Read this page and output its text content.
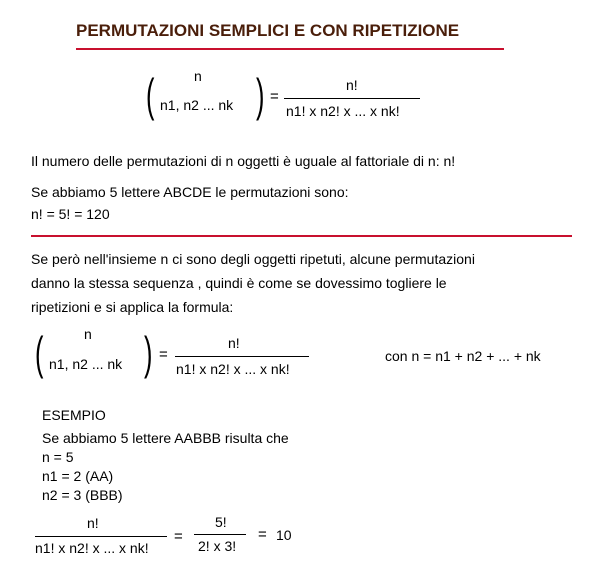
PERMUTAZIONI SEMPLICI E CON RIPETIZIONE
(	n
n1, n2 ... nk ) =
n!
n1! x n2! x ... x nk!
Il numero delle permutazioni di n oggetti è uguale al fattoriale di n: n!
Se abbiamo 5 lettere ABCDE le permutazioni sono:
n! = 5! = 120
Se però nell'insieme n ci sono degli oggetti ripetuti, alcune permutazioni
danno la stessa sequenza , quindi è come se dovessimo togliere le
ripetizioni e si applica la formula:
(	n
n1, n2 ... nk ) =
n!
n1! x n2! x ... x nk!
con n = n1 + n2 + ... + nk
ESEMPIO
Se abbiamo 5 lettere AABBB risulta che
n = 5
n1 = 2 (AA)
n2 = 3 (BBB)
n!
n1! x n2! x ... x nk!
=
5!
2! x 3!
= 10
